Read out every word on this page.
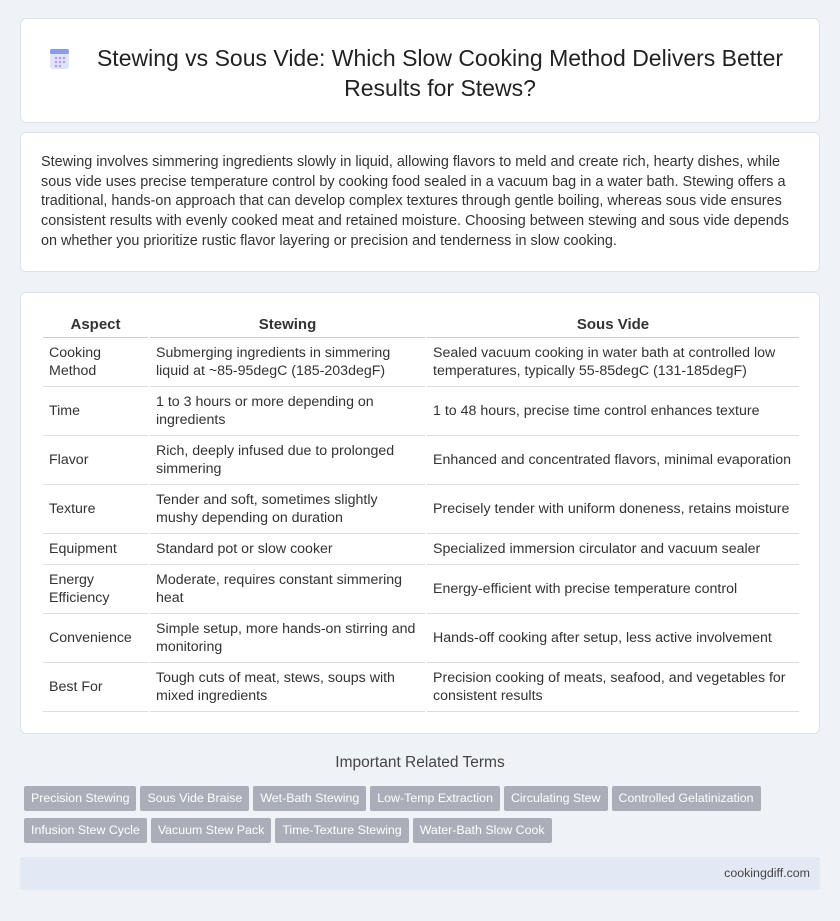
Stewing vs Sous Vide: Which Slow Cooking Method Delivers Better Results for Stews?

Stewing involves simmering ingredients slowly in liquid, allowing flavors to meld and create rich, hearty dishes, while sous vide uses precise temperature control by cooking food sealed in a vacuum bag in a water bath. Stewing offers a traditional, hands-on approach that can develop complex textures through gentle boiling, whereas sous vide ensures consistent results with evenly cooked meat and retained moisture. Choosing between stewing and sous vide depends on whether you prioritize rustic flavor layering or precision and tenderness in slow cooking.

Aspect	Stewing	Sous Vide
Cooking Method	Submerging ingredients in simmering liquid at ~85-95degC (185-203degF)	Sealed vacuum cooking in water bath at controlled low temperatures, typically 55-85degC (131-185degF)
Time	1 to 3 hours or more depending on ingredients	1 to 48 hours, precise time control enhances texture
Flavor	Rich, deeply infused due to prolonged simmering	Enhanced and concentrated flavors, minimal evaporation
Texture	Tender and soft, sometimes slightly mushy depending on duration	Precisely tender with uniform doneness, retains moisture
Equipment	Standard pot or slow cooker	Specialized immersion circulator and vacuum sealer
Energy Efficiency	Moderate, requires constant simmering heat	Energy-efficient with precise temperature control
Convenience	Simple setup, more hands-on stirring and monitoring	Hands-off cooking after setup, less active involvement
Best For	Tough cuts of meat, stews, soups with mixed ingredients	Precision cooking of meats, seafood, and vegetables for consistent results
Important Related Terms
Precision Stewing Sous Vide Braise Wet-Bath Stewing Low-Temp Extraction Circulating Stew Controlled Gelatinization
Infusion Stew Cycle Vacuum Stew Pack Time-Texture Stewing Water-Bath Slow Cook
cookingdiff.com
